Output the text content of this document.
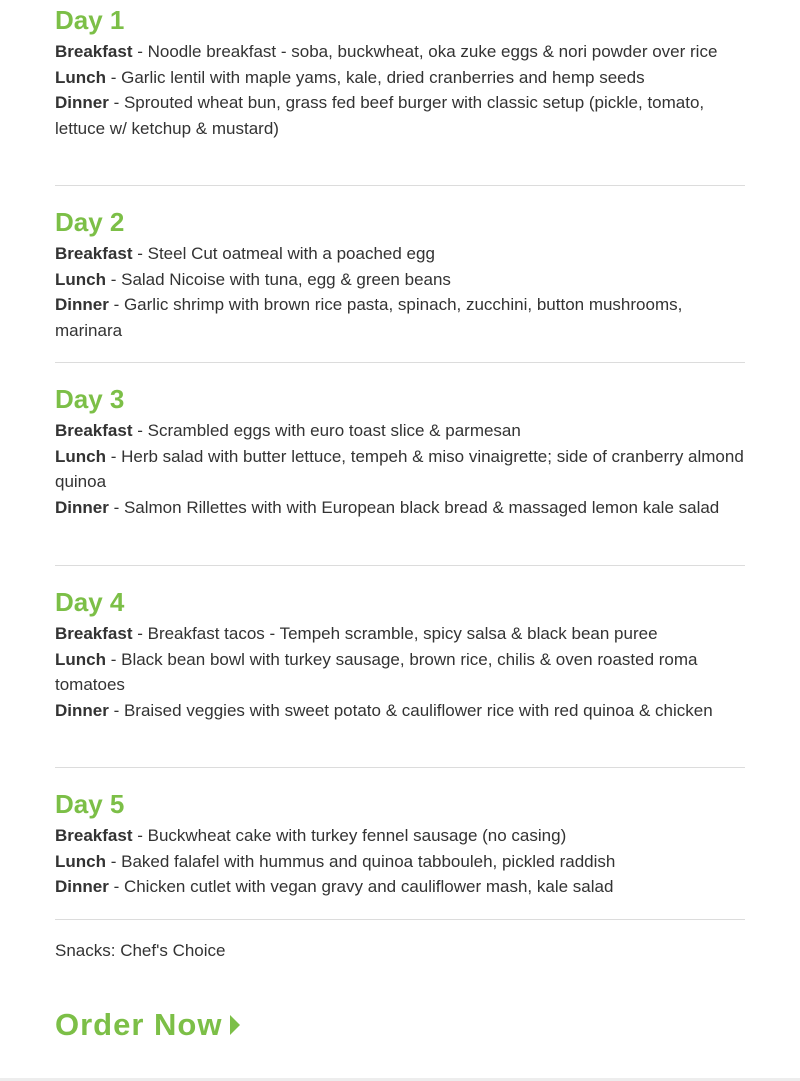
Day 1

Breakfast - Noodle breakfast - soba, buckwheat, oka zuke eggs & nori powder over rice

Lunch - Garlic lentil with maple yams, kale, dried cranberries and hemp seeds

Dinner - Sprouted wheat bun, grass fed beef burger with classic setup (pickle, tomato, lettuce w/ ketchup & mustard)

Day 2

Breakfast - Steel Cut oatmeal with a poached egg

Lunch - Salad Nicoise with tuna, egg & green beans

Dinner - Garlic shrimp with brown rice pasta, spinach, zucchini, button mushrooms, marinara

Day 3

Breakfast - Scrambled eggs with euro toast slice & parmesan

Lunch - Herb salad with butter lettuce, tempeh & miso vinaigrette; side of cranberry almond quinoa

Dinner - Salmon Rillettes with with European black bread & massaged lemon kale salad

Day 4

Breakfast - Breakfast tacos - Tempeh scramble, spicy salsa & black bean puree

Lunch - Black bean bowl with turkey sausage, brown rice, chilis & oven roasted roma tomatoes

Dinner - Braised veggies with sweet potato & cauliflower rice with red quinoa & chicken

Day 5

Breakfast - Buckwheat cake with turkey fennel sausage (no casing)

Lunch - Baked falafel with hummus and quinoa tabbouleh, pickled raddish

Dinner - Chicken cutlet with vegan gravy and cauliflower mash, kale salad

Snacks: Chef's Choice

Order Now
